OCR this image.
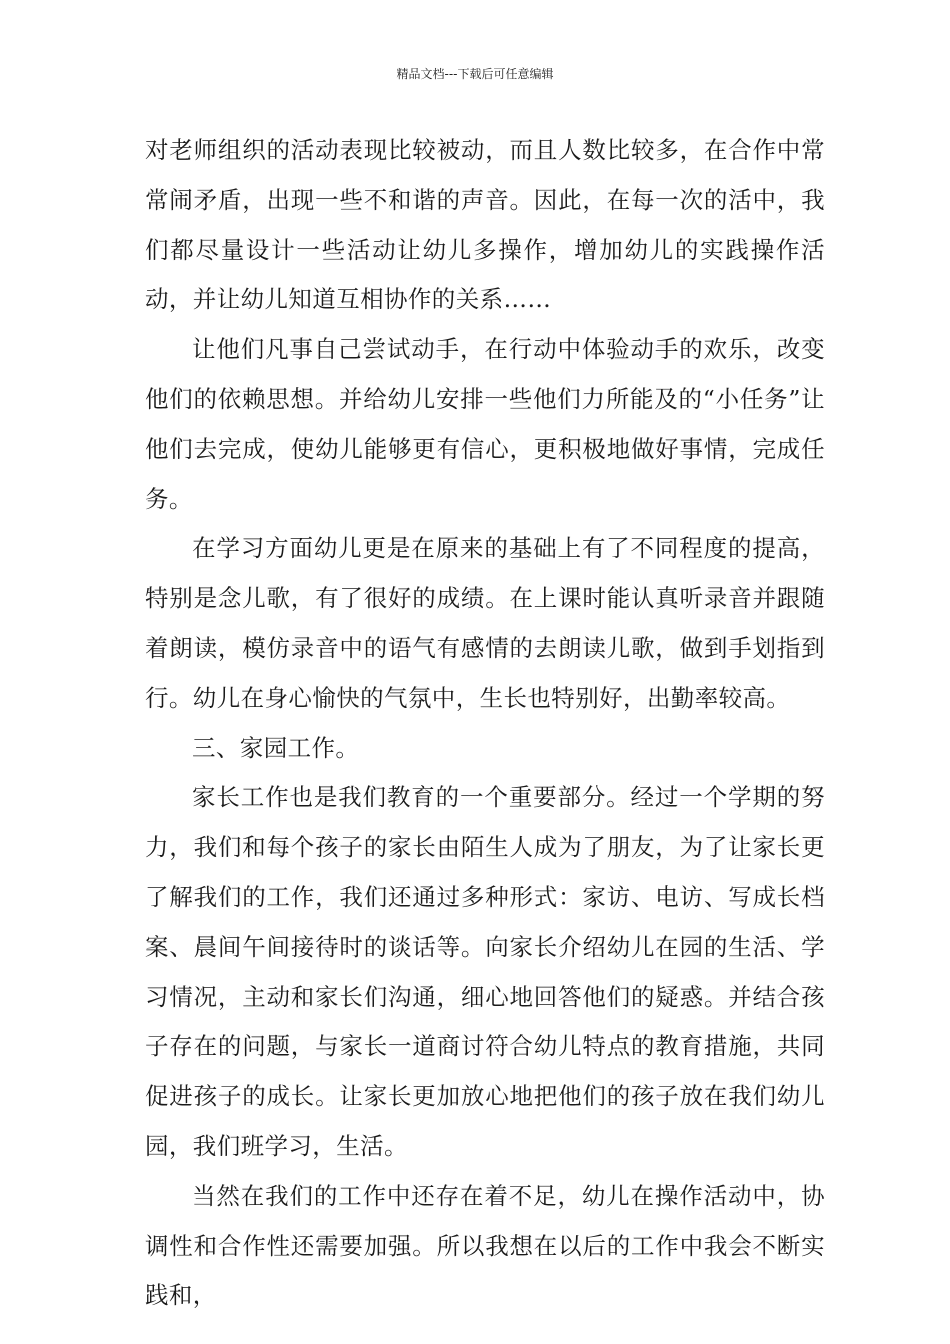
精品文档---下载后可任意编辑

对老师组织的活动表现比较被动，而且人数比较多，在合作中常常闹矛盾，出现一些不和谐的声音。因此，在每一次的活中，我们都尽量设计一些活动让幼儿多操作，增加幼儿的实践操作活动，并让幼儿知道互相协作的关系……

让他们凡事自己尝试动手，在行动中体验动手的欢乐，改变他们的依赖思想。并给幼儿安排一些他们力所能及的“小任务”让他们去完成，使幼儿能够更有信心，更积极地做好事情，完成任务。

在学习方面幼儿更是在原来的基础上有了不同程度的提高，特别是念儿歌，有了很好的成绩。在上课时能认真听录音并跟随着朗读，模仿录音中的语气有感情的去朗读儿歌，做到手划指到行。幼儿在身心愉快的气氛中，生长也特别好，出勤率较高。

三、家园工作。

家长工作也是我们教育的一个重要部分。经过一个学期的努力，我们和每个孩子的家长由陌生人成为了朋友，为了让家长更了解我们的工作，我们还通过多种形式：家访、电访、写成长档案、晨间午间接待时的谈话等。向家长介绍幼儿在园的生活、学习情况，主动和家长们沟通，细心地回答他们的疑惑。并结合孩子存在的问题，与家长一道商讨符合幼儿特点的教育措施，共同促进孩子的成长。让家长更加放心地把他们的孩子放在我们幼儿园，我们班学习，生活。

当然在我们的工作中还存在着不足，幼儿在操作活动中，协调性和合作性还需要加强。所以我想在以后的工作中我会不断实践和，
